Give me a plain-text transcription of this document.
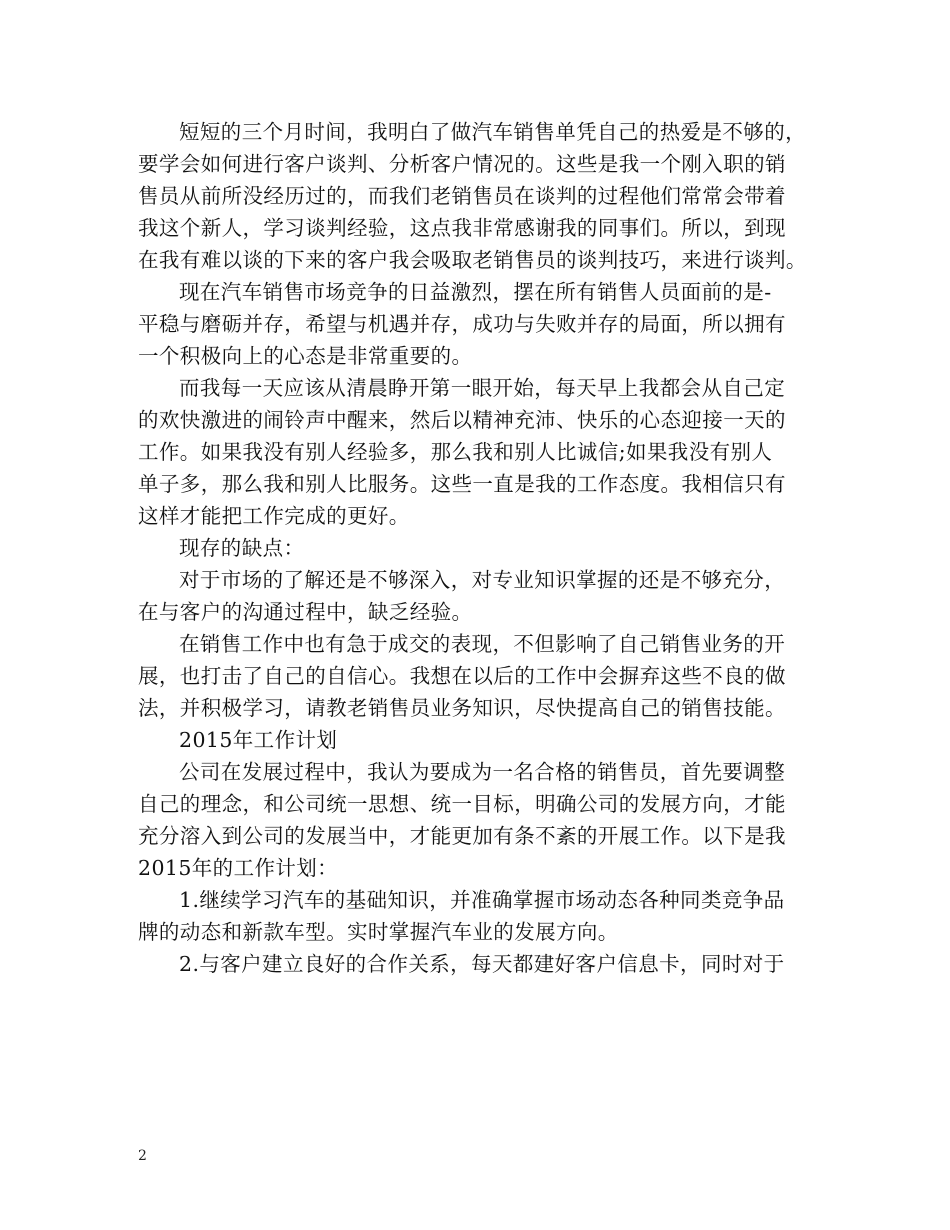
短短的三个月时间，我明白了做汽车销售单凭自己的热爱是不够的，
要学会如何进行客户谈判、分析客户情况的。这些是我一个刚入职的销
售员从前所没经历过的，而我们老销售员在谈判的过程他们常常会带着
我这个新人，学习谈判经验，这点我非常感谢我的同事们。所以，到现
在我有难以谈的下来的客户我会吸取老销售员的谈判技巧，来进行谈判。
现在汽车销售市场竞争的日益激烈，摆在所有销售人员面前的是-
平稳与磨砺并存，希望与机遇并存，成功与失败并存的局面，所以拥有
一个积极向上的心态是非常重要的。
而我每一天应该从清晨睁开第一眼开始，每天早上我都会从自己定
的欢快激进的闹铃声中醒来，然后以精神充沛、快乐的心态迎接一天的
工作。如果我没有别人经验多，那么我和别人比诚信;如果我没有别人
单子多，那么我和别人比服务。这些一直是我的工作态度。我相信只有
这样才能把工作完成的更好。
现存的缺点：
对于市场的了解还是不够深入，对专业知识掌握的还是不够充分，
在与客户的沟通过程中，缺乏经验。
在销售工作中也有急于成交的表现，不但影响了自己销售业务的开
展，也打击了自己的自信心。我想在以后的工作中会摒弃这些不良的做
法，并积极学习，请教老销售员业务知识，尽快提高自己的销售技能。
2015年工作计划
公司在发展过程中，我认为要成为一名合格的销售员，首先要调整
自己的理念，和公司统一思想、统一目标，明确公司的发展方向，才能
充分溶入到公司的发展当中，才能更加有条不紊的开展工作。以下是我
2015年的工作计划：
1.继续学习汽车的基础知识，并准确掌握市场动态各种同类竞争品
牌的动态和新款车型。实时掌握汽车业的发展方向。
2.与客户建立良好的合作关系，每天都建好客户信息卡，同时对于
2
